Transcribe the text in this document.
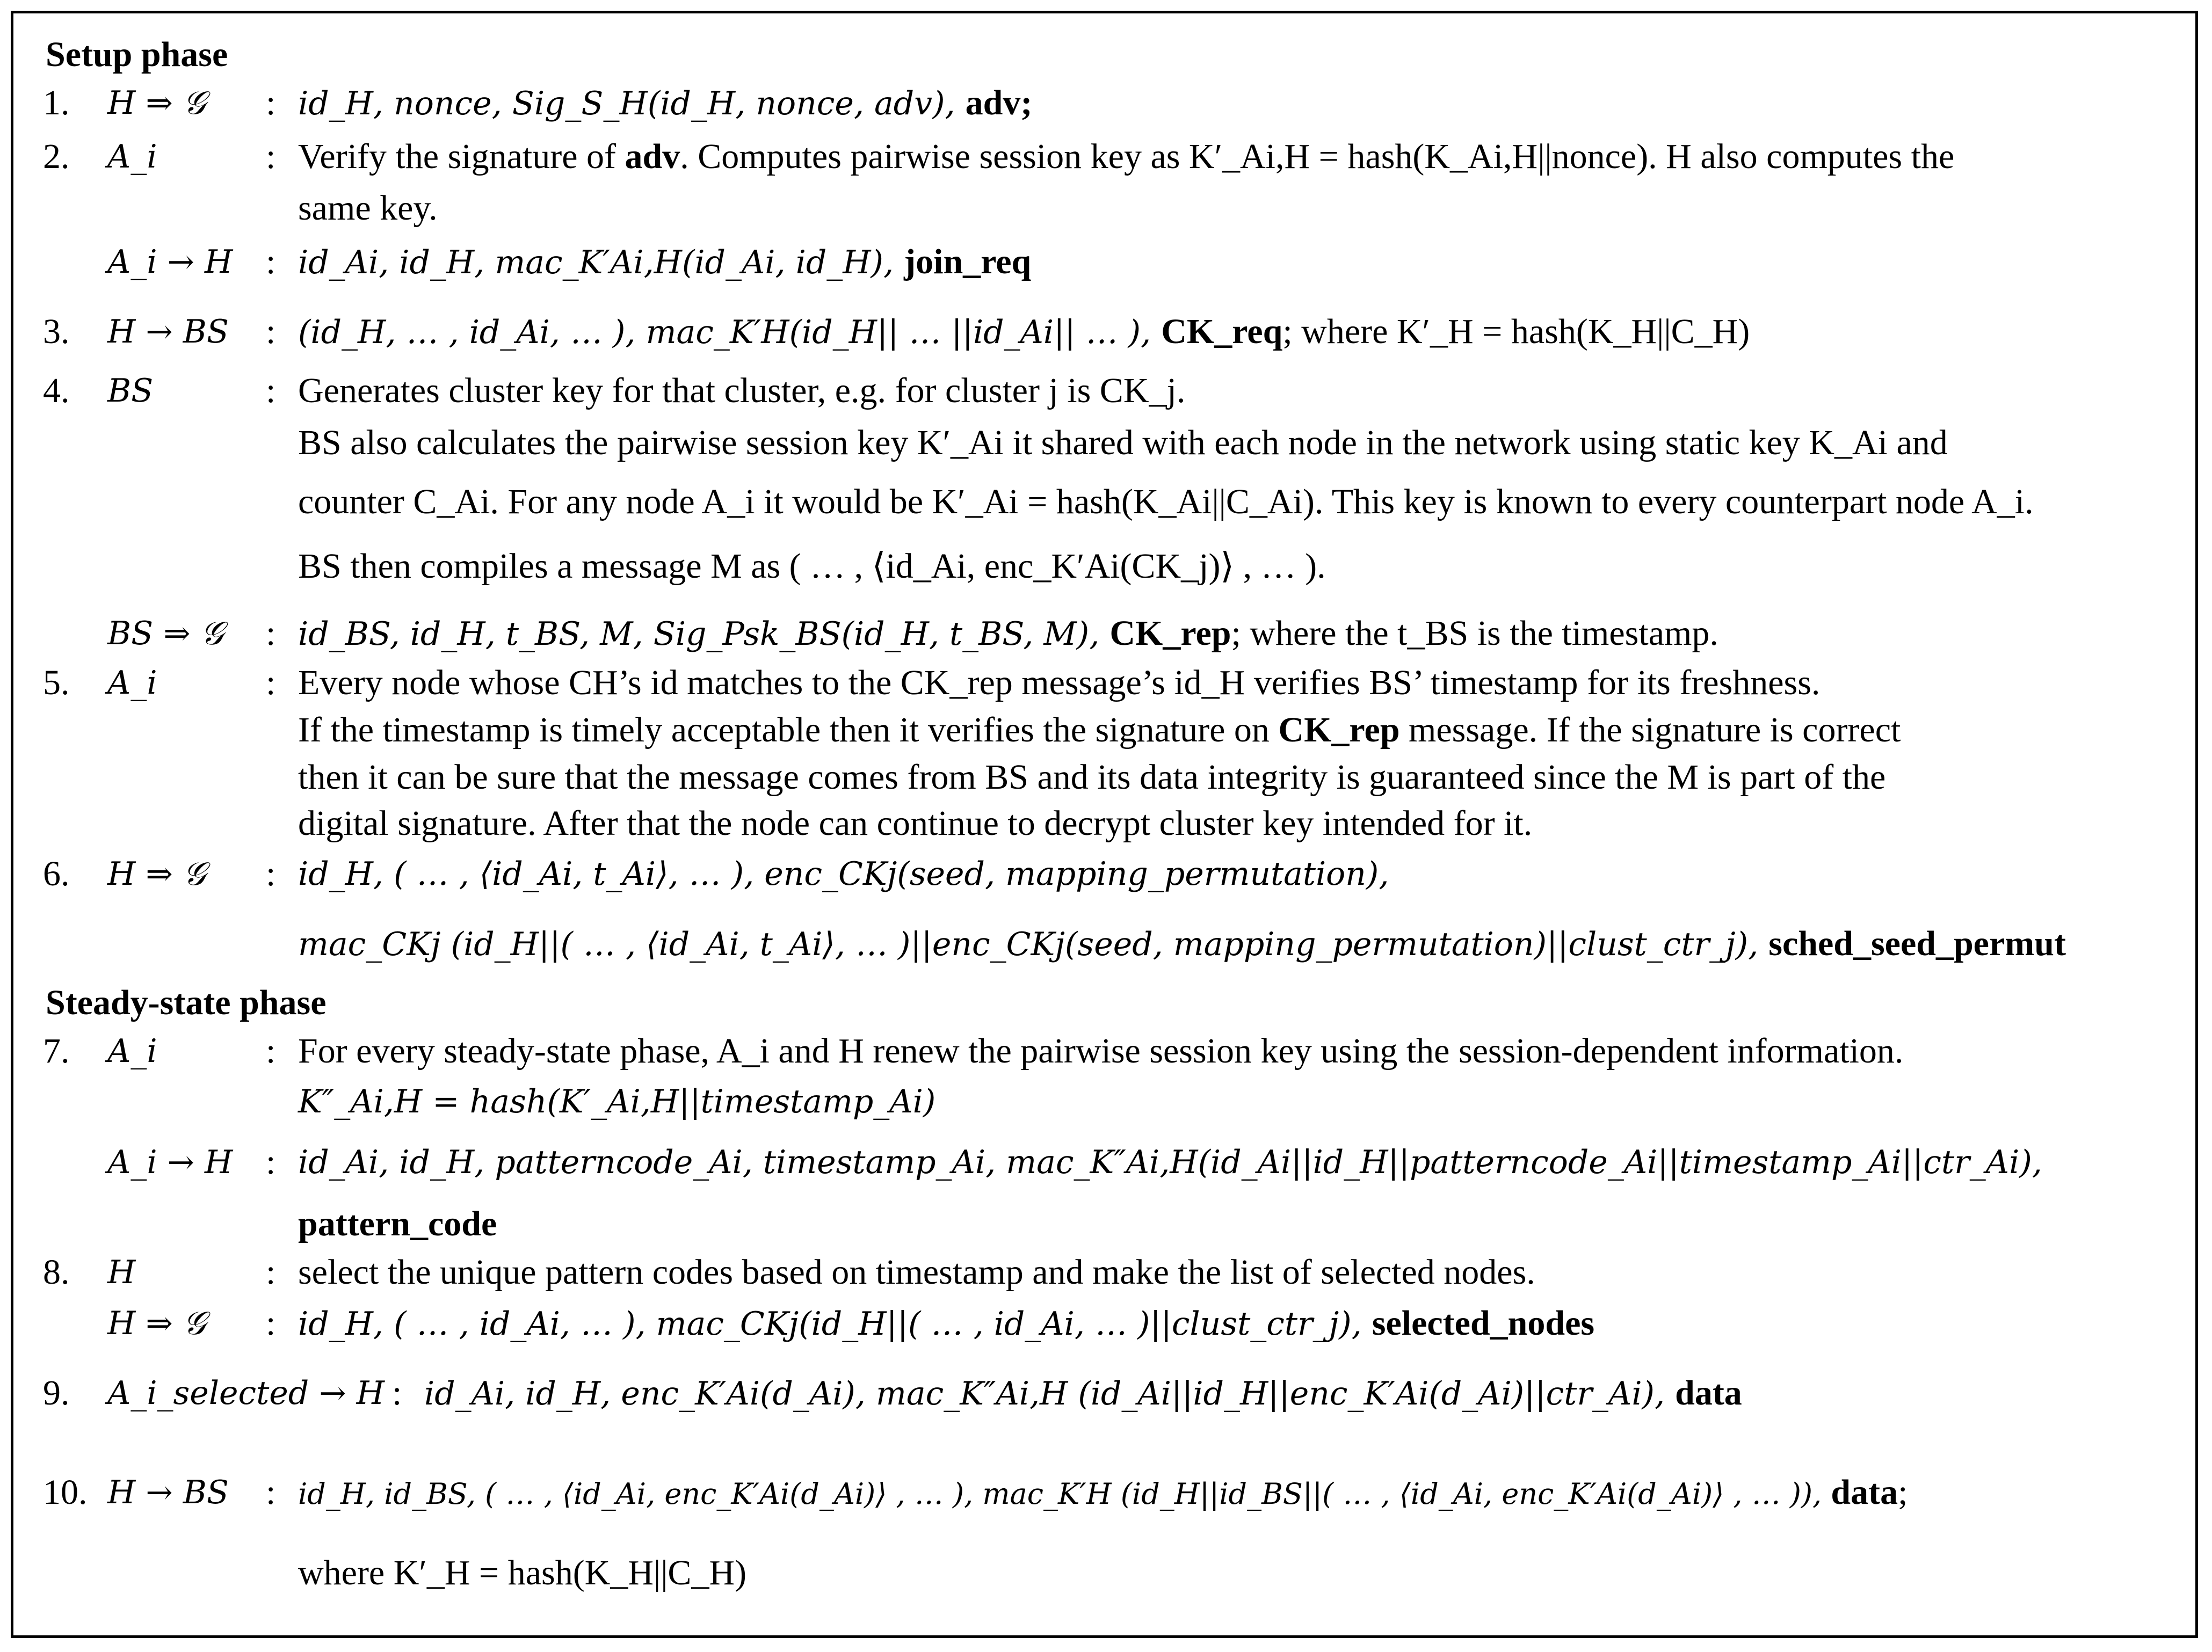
Setup phase
1. H ⇒ 𝒢 : id_H, nonce, Sig_S_H(id_H, nonce, adv), adv;
2. A_i	: Verify the signature of adv. Computes pairwise session key as K′_Ai,H = hash(K_Ai,H||nonce). H also computes the
same key.
A_i → H : id_Ai, id_H, mac_K′Ai,H(id_Ai, id_H), join_req
3. H → BS : (id_H, … , id_Ai, … ), mac_K′H(id_H|| … ||id_Ai|| … ), CK_req; where K′_H = hash(K_H||C_H)
4. BS	: Generates cluster key for that cluster, e.g. for cluster j is CK_j.
BS also calculates the pairwise session key K′_Ai it shared with each node in the network using static key K_Ai and
counter C_Ai. For any node A_i it would be K′_Ai = hash(K_Ai||C_Ai). This key is known to every counterpart node A_i.
BS then compiles a message M as ( … , ⟨id_Ai, enc_K′Ai(CK_j)⟩ , … ).
BS ⇒ 𝒢 : id_BS, id_H, t_BS, M, Sig_Psk_BS(id_H, t_BS, M), CK_rep; where the t_BS is the timestamp.
5. A_i	: Every node whose CH’s id matches to the CK_rep message’s id_H verifies BS’ timestamp for its freshness.
If the timestamp is timely acceptable then it verifies the signature on CK_rep message. If the signature is correct
then it can be sure that the message comes from BS and its data integrity is guaranteed since the M is part of the
digital signature. After that the node can continue to decrypt cluster key intended for it.
6. H ⇒ 𝒢 : id_H, ( … , ⟨id_Ai, t_Ai⟩, … ), enc_CKj(seed, mapping_permutation),
mac_CKj (id_H||( … , ⟨id_Ai, t_Ai⟩, … )||enc_CKj(seed, mapping_permutation)||clust_ctr_j), sched_seed_permut
Steady-state phase
7. A_i	: For every steady-state phase, A_i and H renew the pairwise session key using the session-dependent information.
K″_Ai,H = hash(K′_Ai,H||timestamp_Ai)
A_i → H : id_Ai, id_H, patterncode_Ai, timestamp_Ai, mac_K″Ai,H(id_Ai||id_H||patterncode_Ai||timestamp_Ai||ctr_Ai),
pattern_code
8. H	: select the unique pattern codes based on timestamp and make the list of selected nodes.
H ⇒ 𝒢 : id_H, ( … , id_Ai, … ), mac_CKj(id_H||( … , id_Ai, … )||clust_ctr_j), selected_nodes
9. A_i_selected → H : id_Ai, id_H, enc_K′Ai(d_Ai), mac_K″Ai,H (id_Ai||id_H||enc_K′Ai(d_Ai)||ctr_Ai), data
10. H → BS : id_H, id_BS, ( … , ⟨id_Ai, enc_K′Ai(d_Ai)⟩ , … ), mac_K′H (id_H||id_BS||( … , ⟨id_Ai, enc_K′Ai(d_Ai)⟩ , … )), data;
where K′_H = hash(K_H||C_H)
